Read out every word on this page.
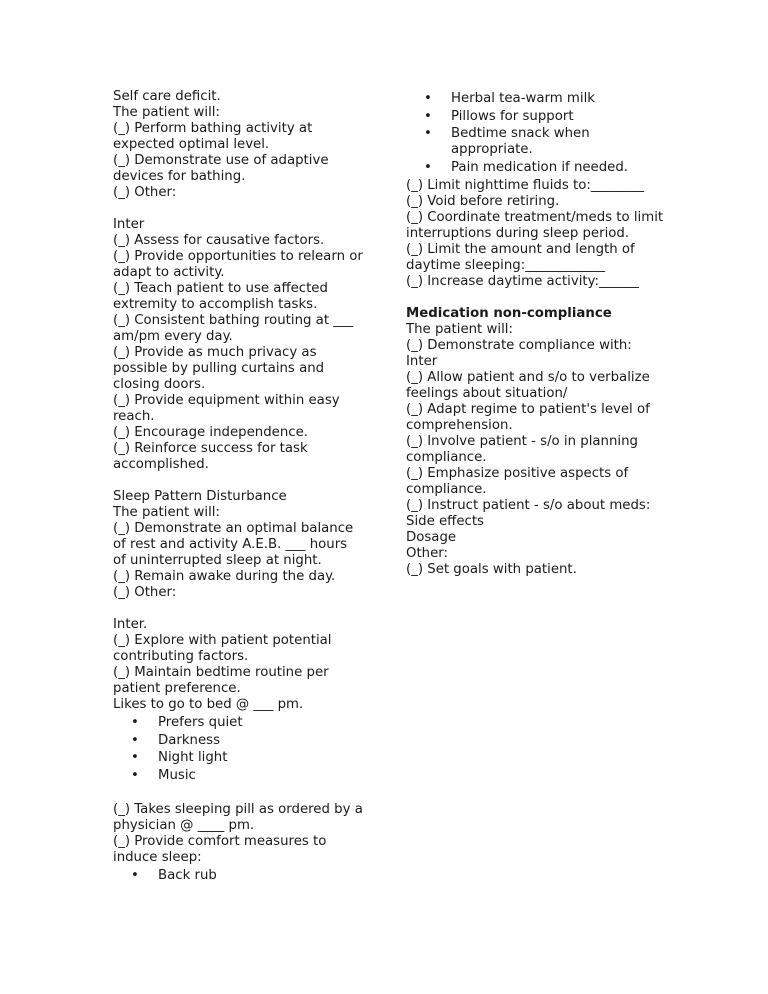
Self care deficit.

The patient will:

(_) Perform bathing activity at expected optimal level.

(_) Demonstrate use of adaptive devices for bathing.

(_) Other:

Inter

(_) Assess for causative factors.

(_) Provide opportunities to relearn or adapt to activity.

(_) Teach patient to use affected extremity to accomplish tasks.

(_) Consistent bathing routing at ___ am/pm every day.

(_) Provide as much privacy as possible by pulling curtains and closing doors.

(_) Provide equipment within easy reach.

(_) Encourage independence.

(_) Reinforce success for task accomplished.

Sleep Pattern Disturbance

The patient will:

(_) Demonstrate an optimal balance of rest and activity A.E.B. ___ hours of uninterrupted sleep at night.

(_) Remain awake during the day.

(_) Other:

Inter.

(_) Explore with patient potential contributing factors.

(_) Maintain bedtime routine per patient preference.

Likes to go to bed @ ___ pm.

• Prefers quiet
• Darkness
• Night light
• Music

(_) Takes sleeping pill as ordered by a physician @ ____ pm.

(_) Provide comfort measures to induce sleep:

• Back rub
• Herbal tea-warm milk
• Pillows for support
• Bedtime snack when appropriate.
• Pain medication if needed.

(_) Limit nighttime fluids to:________

(_) Void before retiring.

(_) Coordinate treatment/meds to limit interruptions during sleep period.

(_) Limit the amount and length of daytime sleeping:____________

(_) Increase daytime activity:______

Medication non-compliance

The patient will:

(_) Demonstrate compliance with:

Inter

(_) Allow patient and s/o to verbalize feelings about situation/

(_) Adapt regime to patient's level of comprehension.

(_) Involve patient - s/o in planning compliance.

(_) Emphasize positive aspects of compliance.

(_) Instruct patient - s/o about meds:

Side effects

Dosage

Other:

(_) Set goals with patient.
